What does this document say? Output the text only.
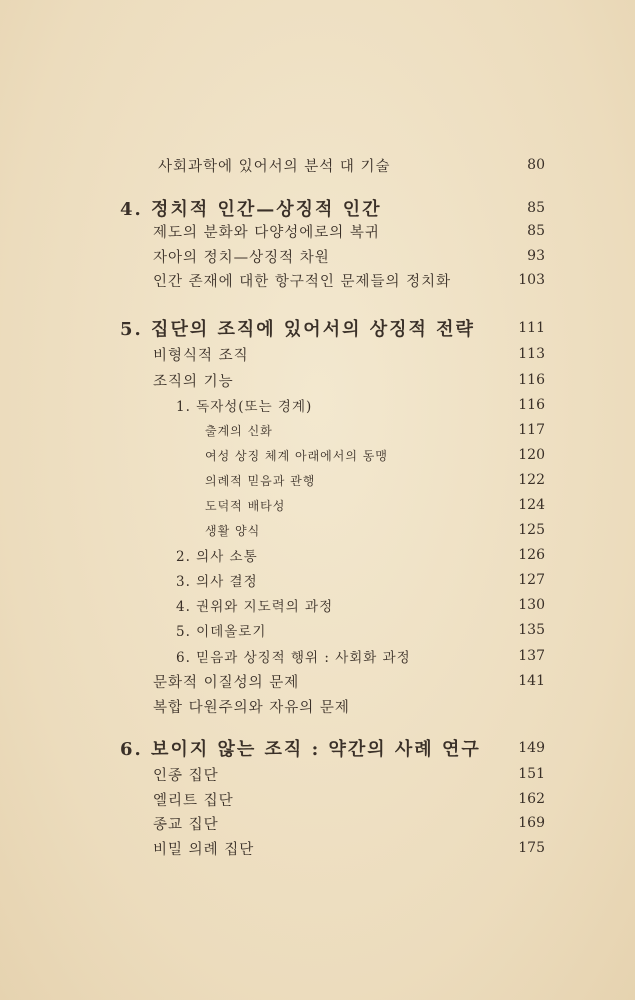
사회과학에 있어서의 분석 대 기술	80
4. 정치적 인간—상징적 인간	85
제도의 분화와 다양성에로의 복귀	85
자아의 정치—상징적 차원	93
인간 존재에 대한 항구적인 문제들의 정치화	103
5. 집단의 조직에 있어서의 상징적 전략	111
비형식적 조직	113
조직의 기능	116
1. 독자성(또는 경계)	116
출계의 신화	117
여성 상징 체계 아래에서의 동맹	120
의례적 믿음과 관행	122
도덕적 배타성	124
생활 양식	125
2. 의사 소통	126
3. 의사 결정	127
4. 권위와 지도력의 과정	130
5. 이데올로기	135
6. 믿음과 상징적 행위 : 사회화 과정	137
문화적 이질성의 문제	141
복합 다원주의와 자유의 문제
6. 보이지 않는 조직 : 약간의 사례 연구	149
인종 집단	151
엘리트 집단	162
종교 집단	169
비밀 의례 집단	175
